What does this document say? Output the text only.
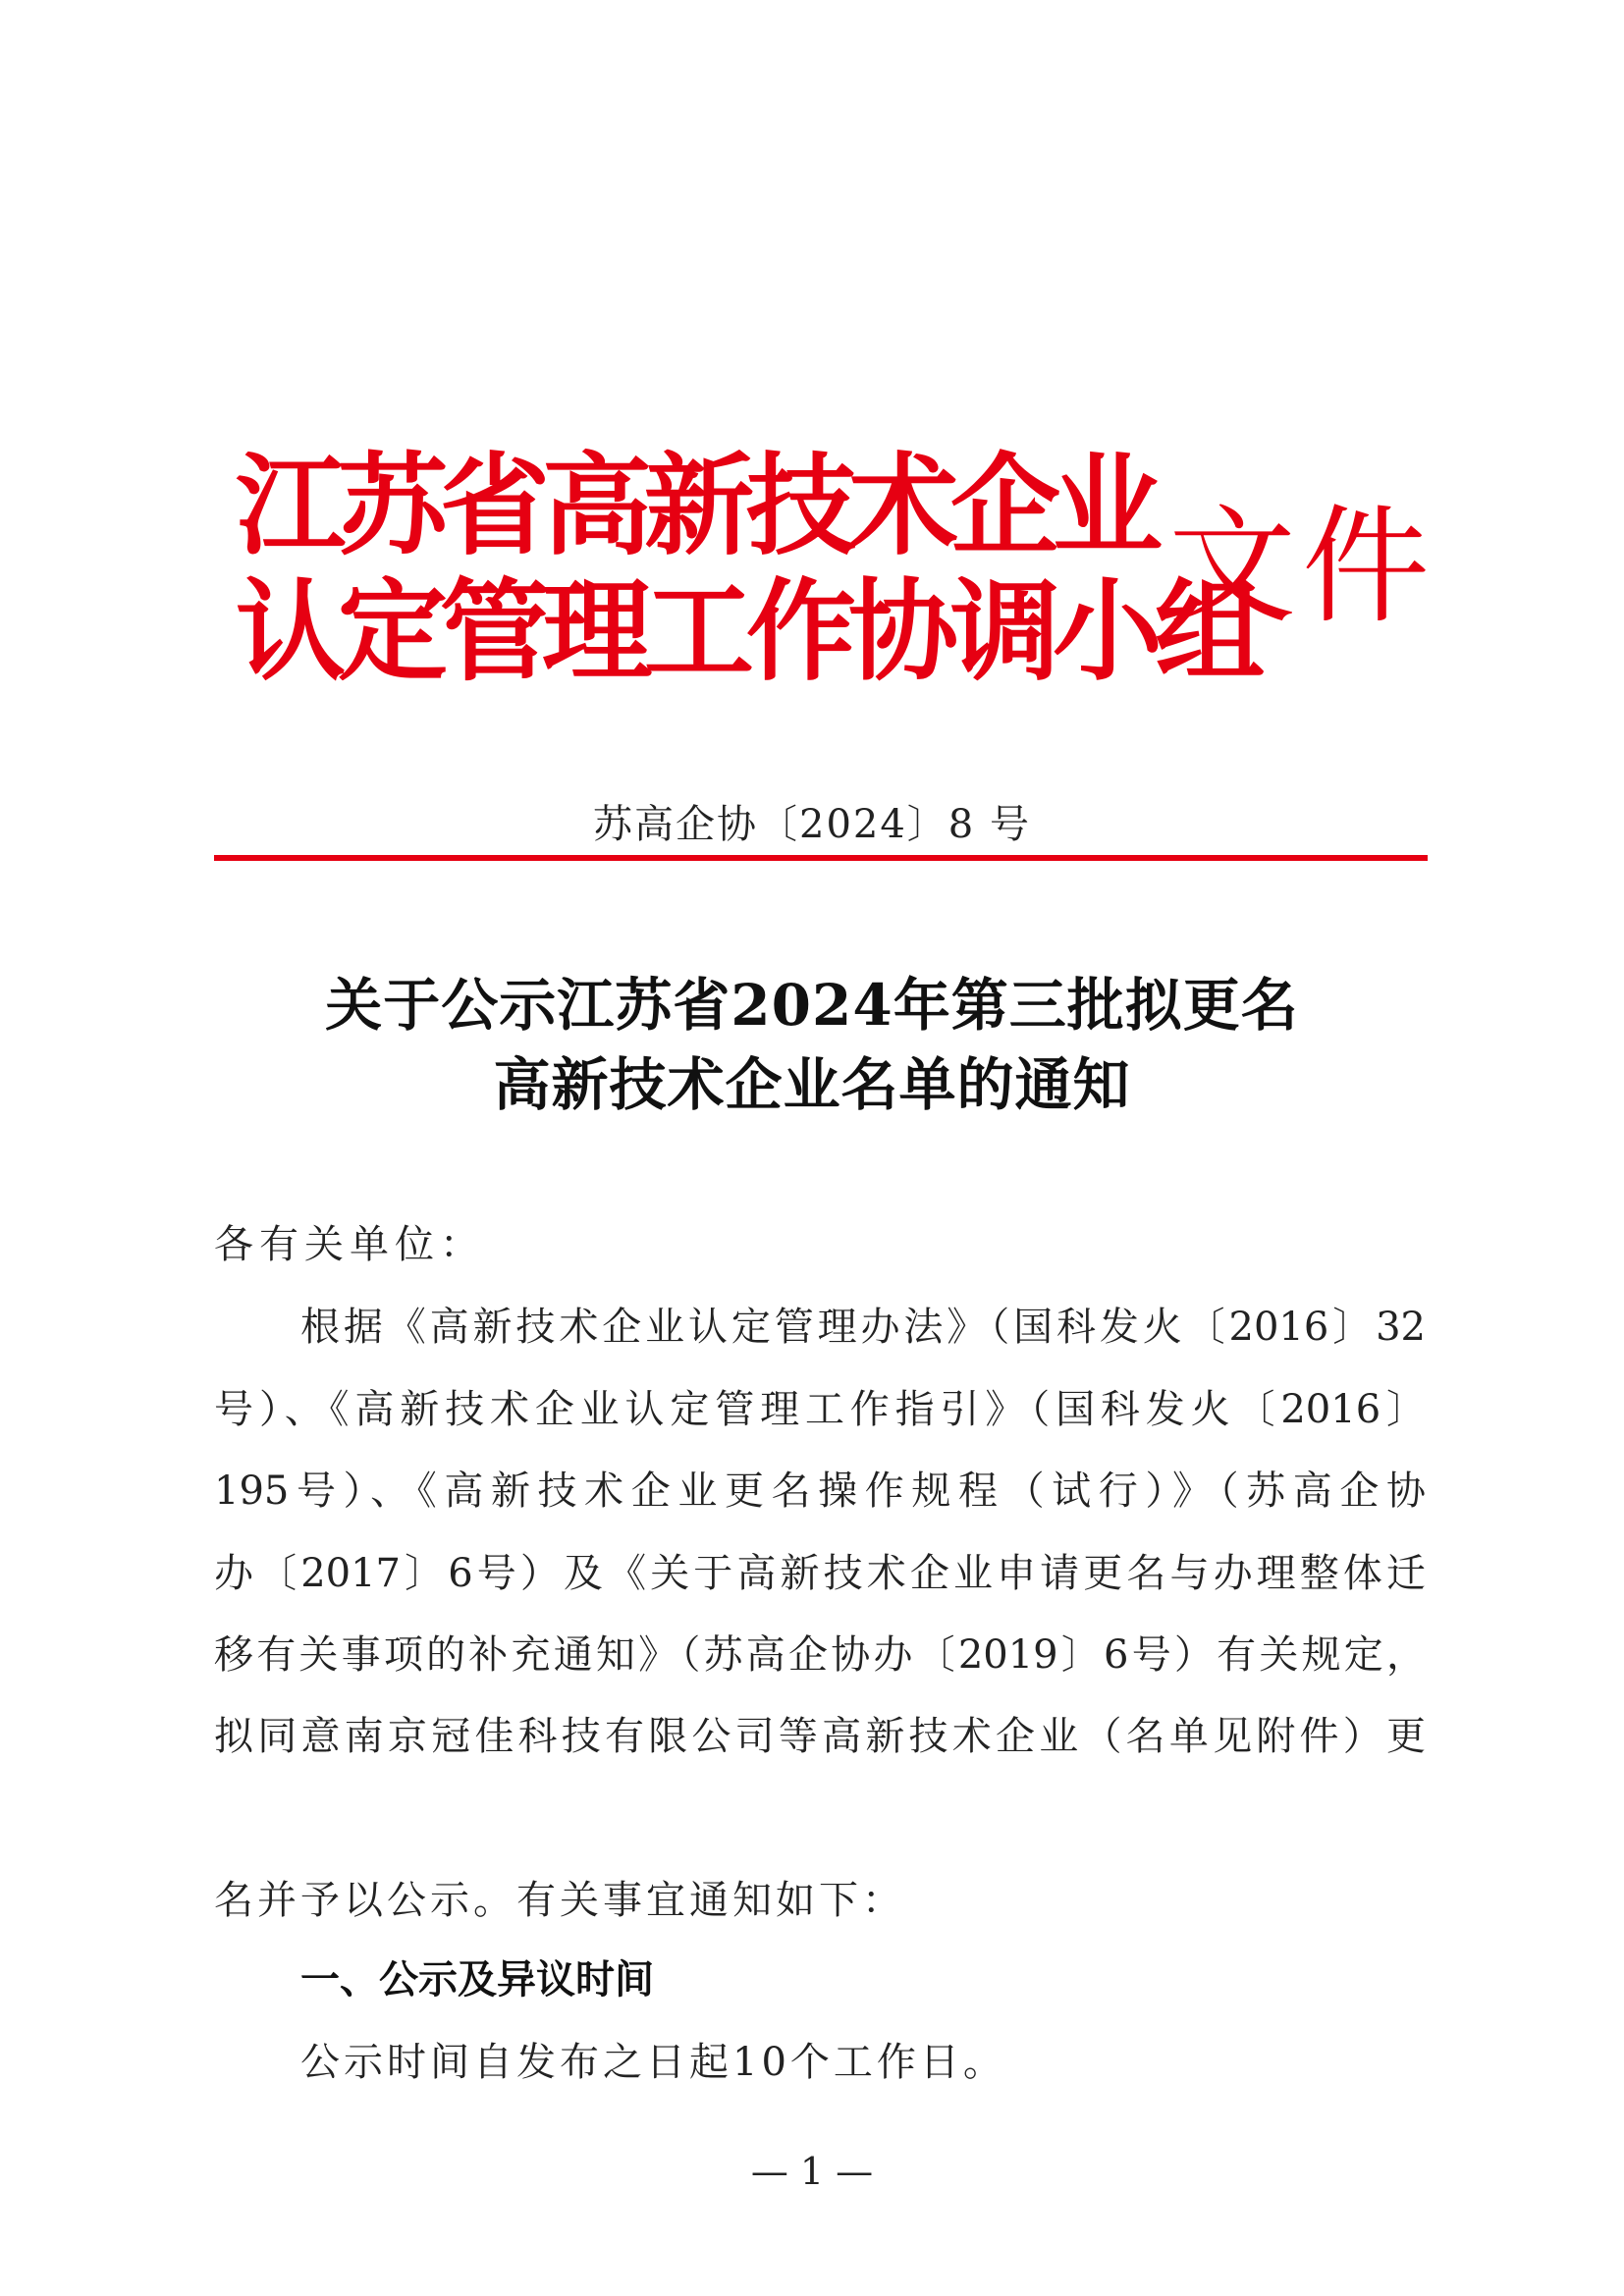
江苏省高新技术企业
认定管理工作协调小组
文件
苏高企协〔2024〕8 号
关于公示江苏省2024年第三批拟更名
高新技术企业名单的通知
各有关单位：
根据《高新技术企业认定管理办法》（国科发火〔2016〕32
号）、《高新技术企业认定管理工作指引》（国科发火〔2016〕
195号）、《高新技术企业更名操作规程（试行）》（苏高企协
办〔2017〕6号）及《关于高新技术企业申请更名与办理整体迁
移有关事项的补充通知》（苏高企协办〔2019〕6号）有关规定，
拟同意南京冠佳科技有限公司等高新技术企业（名单见附件）更
名并予以公示。有关事宜通知如下：
一、公示及异议时间
公示时间自发布之日起10个工作日。
— 1 —
